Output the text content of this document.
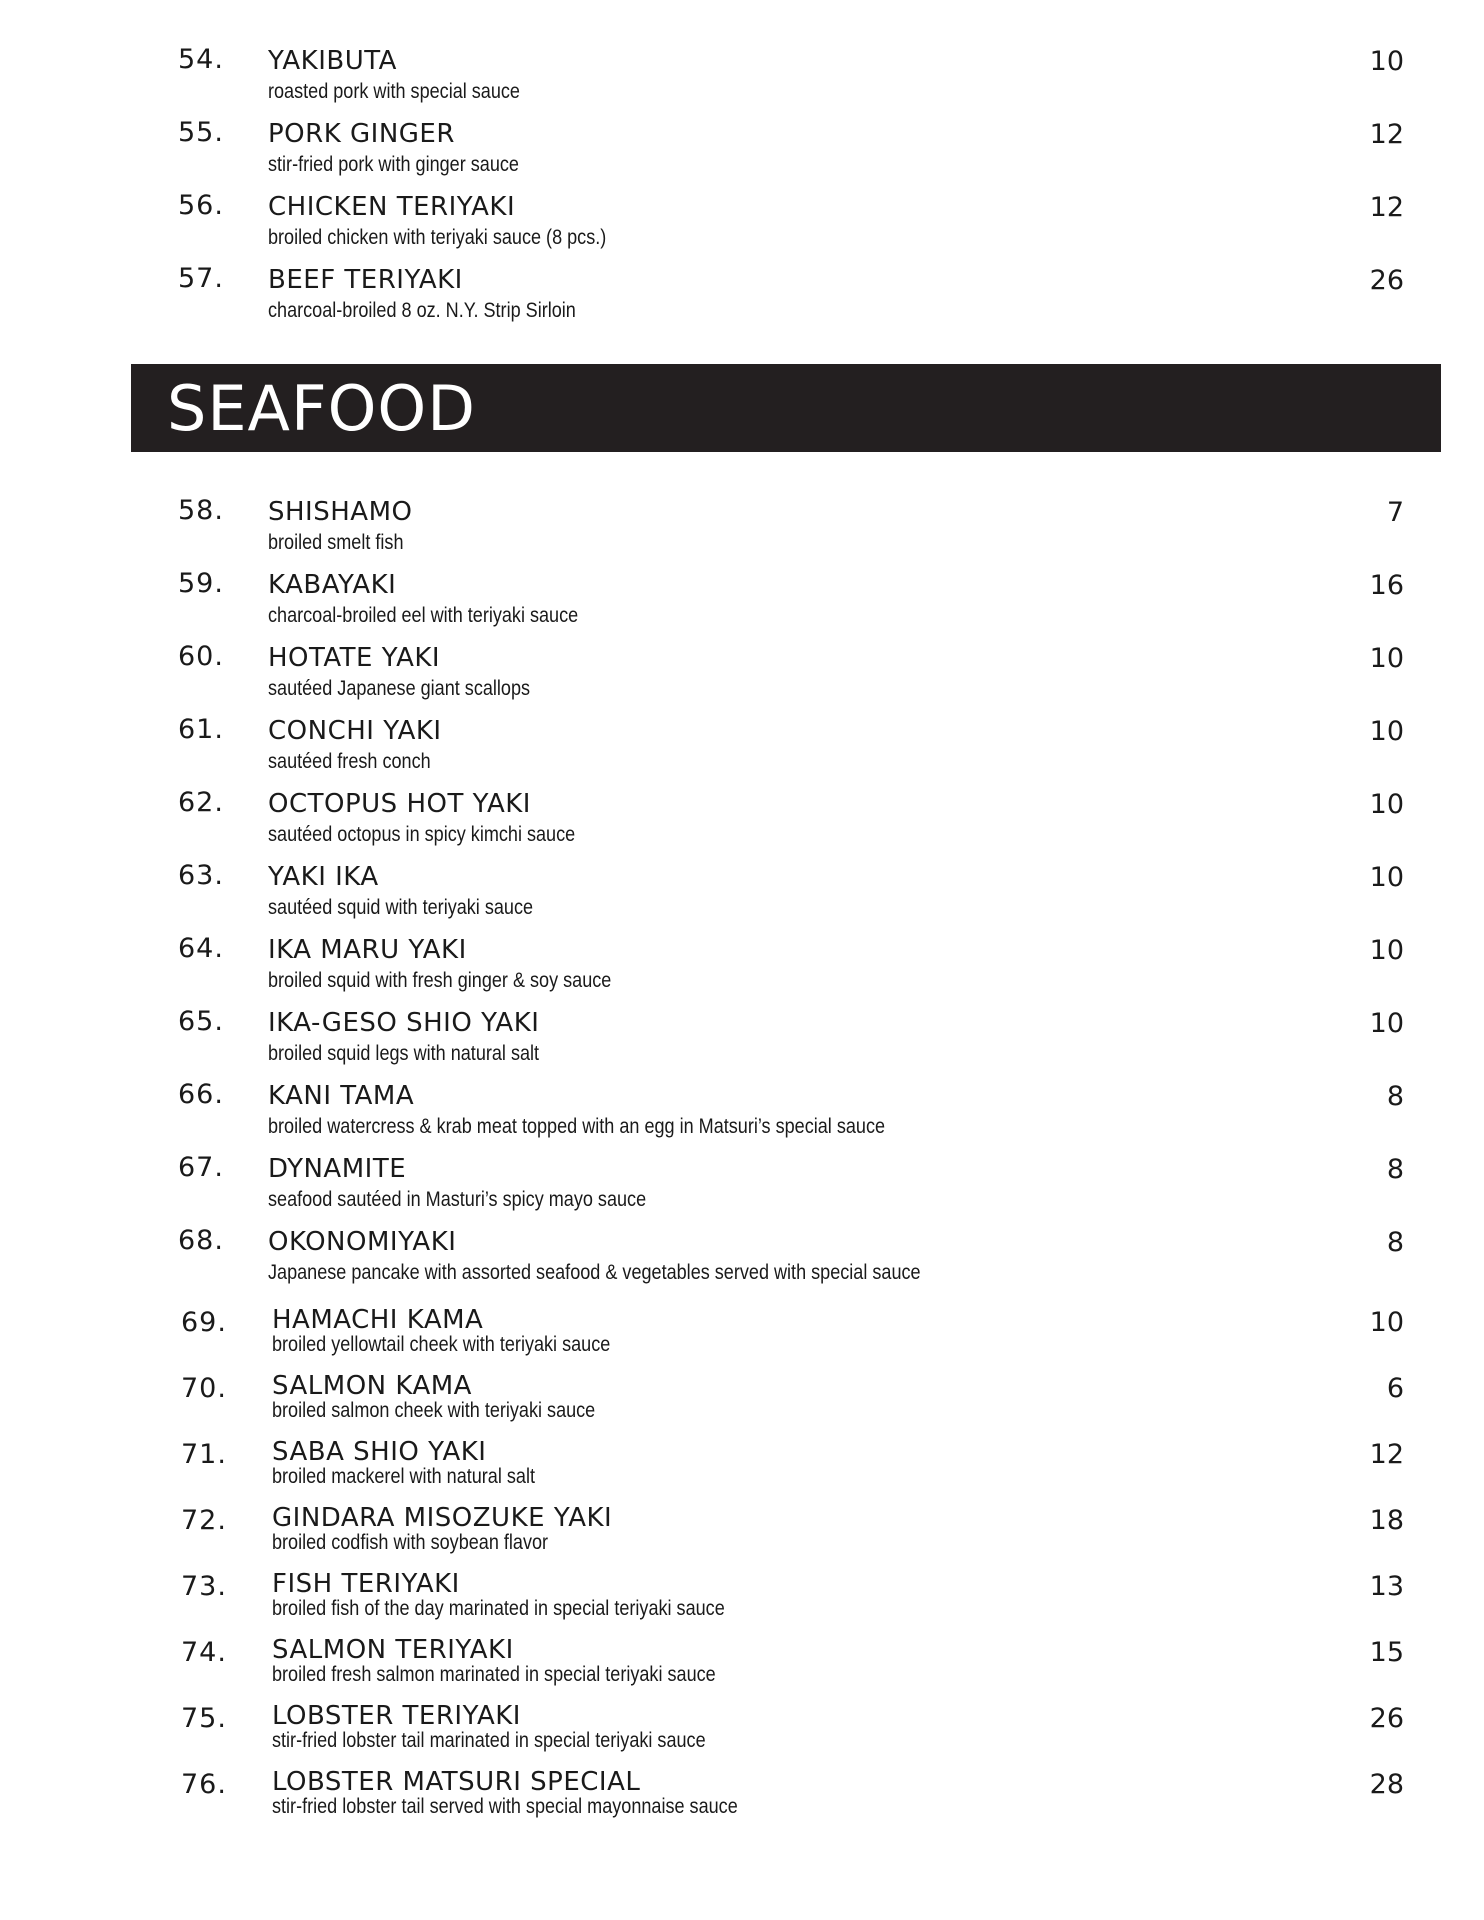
54. YAKIBUTA
roasted pork with special sauce
10
55. PORK GINGER
stir-fried pork with ginger sauce
12
56. CHICKEN TERIYAKI
broiled chicken with teriyaki sauce (8 pcs.)
12
57. BEEF TERIYAKI
charcoal-broiled 8 oz. N.Y. Strip Sirloin
26
SEAFOOD
58. SHISHAMO
broiled smelt fish
7
59. KABAYAKI
charcoal-broiled eel with teriyaki sauce
16
60. HOTATE YAKI
sautéed Japanese giant scallops
10
61. CONCHI YAKI
sautéed fresh conch
10
62. OCTOPUS HOT YAKI
sautéed octopus in spicy kimchi sauce
10
63. YAKI IKA
sautéed squid with teriyaki sauce
10
64. IKA MARU YAKI
broiled squid with fresh ginger & soy sauce
10
65. IKA-GESO SHIO YAKI
broiled squid legs with natural salt
10
66. KANI TAMA
broiled watercress & krab meat topped with an egg in Matsuri’s special sauce
8
67. DYNAMITE
seafood sautéed in Masturi’s spicy mayo sauce
8
68. OKONOMIYAKI
Japanese pancake with assorted seafood & vegetables served with special sauce
8
69. HAMACHI KAMA
broiled yellowtail cheek with teriyaki sauce
10
70. SALMON KAMA
broiled salmon cheek with teriyaki sauce
6
71. SABA SHIO YAKI
broiled mackerel with natural salt
12
72. GINDARA MISOZUKE YAKI
broiled codfish with soybean flavor
18
73. FISH TERIYAKI
broiled fish of the day marinated in special teriyaki sauce
13
74. SALMON TERIYAKI
broiled fresh salmon marinated in special teriyaki sauce
15
75. LOBSTER TERIYAKI
stir-fried lobster tail marinated in special teriyaki sauce
26
76. LOBSTER MATSURI SPECIAL
stir-fried lobster tail served with special mayonnaise sauce
28
